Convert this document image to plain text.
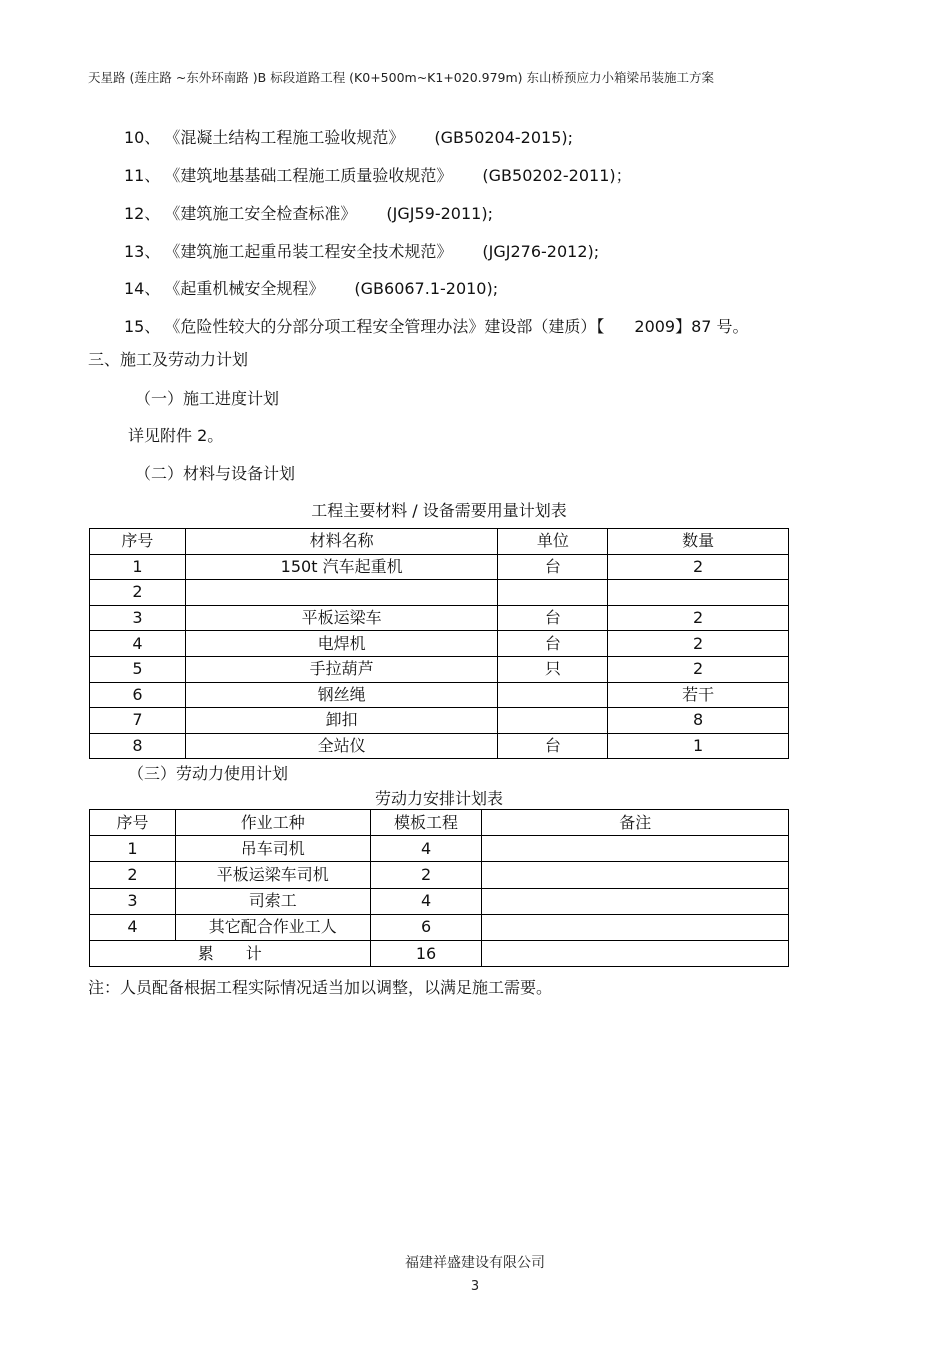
天星路 (莲庄路 ~东外环南路 )B 标段道路工程 (K0+500m~K1+020.979m) 东山桥预应力小箱梁吊装施工方案
10、 《混凝土结构工程施工验收规范》 (GB50204-2015);
11、 《建筑地基基础工程施工质量验收规范》 (GB50202-2011)；
12、 《建筑施工安全检查标准》 (JGJ59-2011);
13、 《建筑施工起重吊装工程安全技术规范》 (JGJ276-2012);
14、 《起重机械安全规程》 (GB6067.1-2010);
15、 《危险性较大的分部分项工程安全管理办法》建设部（建质）【 2009】87 号。
三、施工及劳动力计划
（一）施工进度计划
详见附件 2。
（二）材料与设备计划
工程主要材料 / 设备需要用量计划表
序号	材料名称	单位	数量
1	150t 汽车起重机	台	2
2			
3	平板运梁车	台	2
4	电焊机	台	2
5	手拉葫芦	只	2
6	钢丝绳		若干
7	卸扣		8
8	全站仪	台	1
（三）劳动力使用计划
劳动力安排计划表
序号	作业工种	模板工程	备注
1	吊车司机	4	
2	平板运梁车司机	2	
3	司索工	4	
4	其它配合作业工人	6	
累　　计		16	
注：人员配备根据工程实际情况适当加以调整，以满足施工需要。
福建祥盛建设有限公司
3
